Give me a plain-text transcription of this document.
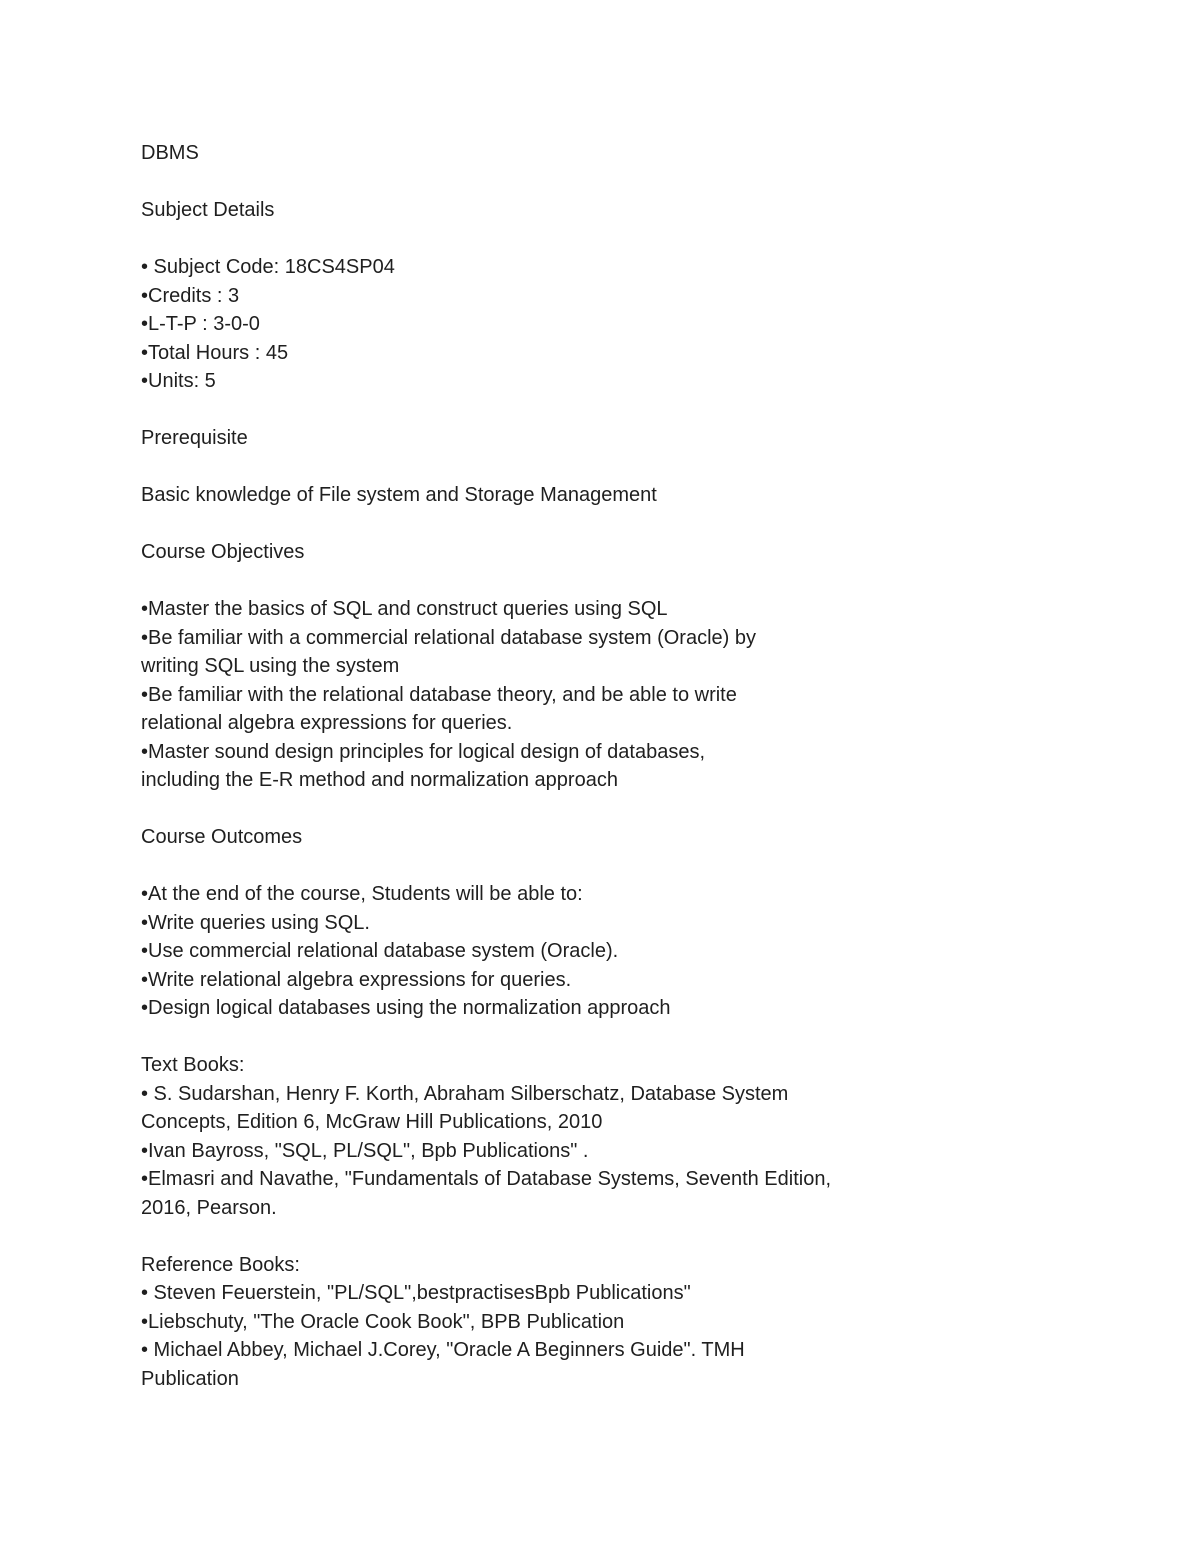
DBMS
Subject Details
• Subject Code: 18CS4SP04
•Credits : 3
•L-T-P : 3-0-0
•Total Hours : 45
•Units: 5
Prerequisite
Basic knowledge of File system and Storage Management
Course Objectives
•Master the basics of SQL and construct queries using SQL
•Be familiar with a commercial relational database system (Oracle) by
writing SQL using the system
•Be familiar with the relational database theory, and be able to write
relational algebra expressions for queries.
•Master sound design principles for logical design of databases,
including the E-R method and normalization approach
Course Outcomes
•At the end of the course, Students will be able to:
•Write queries using SQL.
•Use commercial relational database system (Oracle).
•Write relational algebra expressions for queries.
•Design logical databases using the normalization approach
Text Books:
• S. Sudarshan, Henry F. Korth, Abraham Silberschatz, Database System
Concepts, Edition 6, McGraw Hill Publications, 2010
•Ivan Bayross, "SQL, PL/SQL", Bpb Publications" .
•Elmasri and Navathe, "Fundamentals of Database Systems, Seventh Edition,
2016, Pearson.
Reference Books:
• Steven Feuerstein, "PL/SQL",bestpractisesBpb Publications"
•Liebschuty, "The Oracle Cook Book", BPB Publication
• Michael Abbey, Michael J.Corey, "Oracle A Beginners Guide". TMH
Publication
